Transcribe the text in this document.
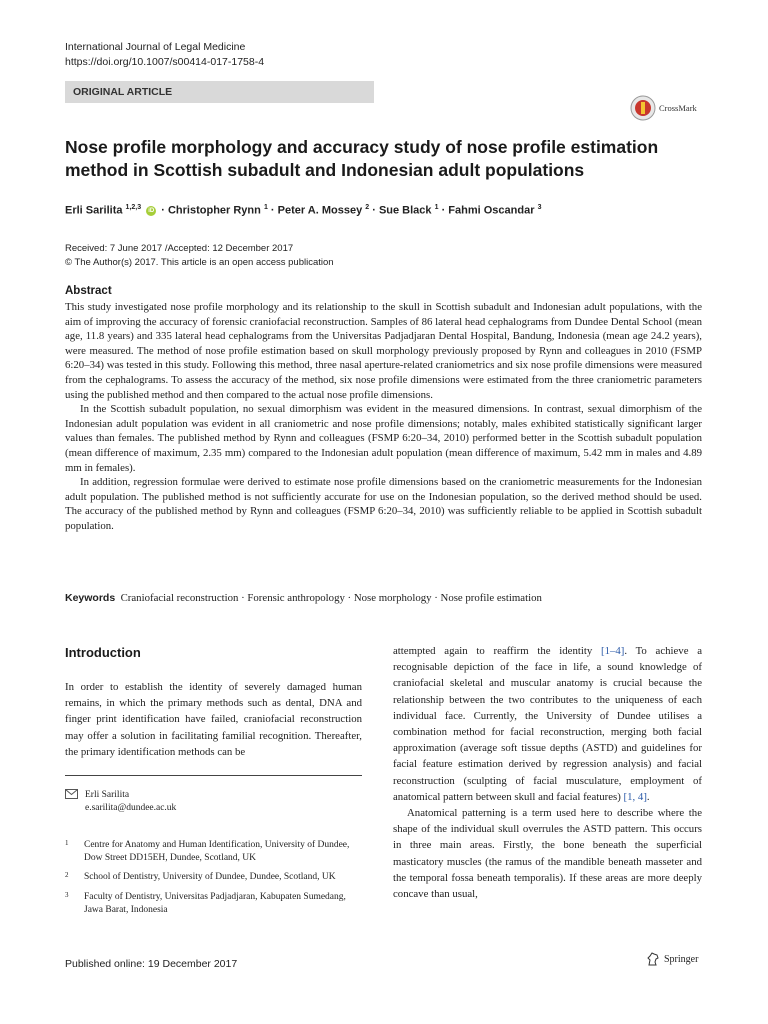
International Journal of Legal Medicine
https://doi.org/10.1007/s00414-017-1758-4
ORIGINAL ARTICLE
CrossMark
Nose profile morphology and accuracy study of nose profile estimation method in Scottish subadult and Indonesian adult populations
Erli Sarilita $^{1,2,3}$ iD · Christopher Rynn $^1$ · Peter A. Mossey $^2$ · Sue Black $^1$ · Fahmi Oscandar $^3$
Received: 7 June 2017 /Accepted: 12 December 2017
© The Author(s) 2017. This article is an open access publication
Abstract

This study investigated nose profile morphology and its relationship to the skull in Scottish subadult and Indonesian adult populations, with the aim of improving the accuracy of forensic craniofacial reconstruction. Samples of 86 lateral head cephalograms from Dundee Dental School (mean age, 11.8 years) and 335 lateral head cephalograms from the Universitas Padjadjaran Dental Hospital, Bandung, Indonesia (mean age 24.2 years), were measured. The method of nose profile estimation based on skull morphology previously proposed by Rynn and colleagues in 2010 (FSMP 6:20–34) was tested in this study. Following this method, three nasal aperture-related craniometrics and six nose profile dimensions were measured from the cephalograms. To assess the accuracy of the method, six nose profile dimensions were estimated from the three craniometric parameters using the published method and then compared to the actual nose profile dimensions.

In the Scottish subadult population, no sexual dimorphism was evident in the measured dimensions. In contrast, sexual dimorphism of the Indonesian adult population was evident in all craniometric and nose profile dimensions; notably, males exhibited statistically significant larger values than females. The published method by Rynn and colleagues (FSMP 6:20–34, 2010) performed better in the Scottish subadult population (mean difference of maximum, 2.35 mm) compared to the Indonesian adult population (mean difference of maximum, 5.42 mm in males and 4.89 mm in females).

In addition, regression formulae were derived to estimate nose profile dimensions based on the craniometric measurements for the Indonesian adult population. The published method is not sufficiently accurate for use on the Indonesian population, so the derived method should be used. The accuracy of the published method by Rynn and colleagues (FSMP 6:20–34, 2010) was sufficiently reliable to be applied in Scottish subadult population.

Keywords Craniofacial reconstruction · Forensic anthropology · Nose morphology · Nose profile estimation
Introduction
In order to establish the identity of severely damaged human remains, in which the primary methods such as dental, DNA and finger print identification have failed, craniofacial reconstruction may offer a solution in facilitating familial recognition. Thereafter, the primary identification methods can be
Erli Sarilita
e.sarilita@dundee.ac.uk
1 Centre for Anatomy and Human Identification, University of Dundee, Dow Street DD15EH, Dundee, Scotland, UK
2 School of Dentistry, University of Dundee, Dundee, Scotland, UK
3 Faculty of Dentistry, Universitas Padjadjaran, Kabupaten Sumedang, Jawa Barat, Indonesia

attempted again to reaffirm the identity [1–4]. To achieve a recognisable depiction of the face in life, a sound knowledge of craniofacial skeletal and muscular anatomy is crucial because the relationship between the two contributes to the uniqueness of each individual face. Currently, the University of Dundee utilises a combination method for facial reconstruction, merging both facial approximation (average soft tissue depths (ASTD) and guidelines for facial feature estimation derived by regression analysis) and facial reconstruction (sculpting of facial musculature, employment of anatomical pattern between skull and facial features) [1, 4].

Anatomical patterning is a term used here to describe where the shape of the individual skull overrules the ASTD pattern. This occurs in three main areas. Firstly, the bone beneath the superficial masticatory muscles (the ramus of the mandible beneath masseter and the temporal fossa beneath temporalis). If these areas are more deeply concave than usual,

Published online: 19 December 2017	Springer
